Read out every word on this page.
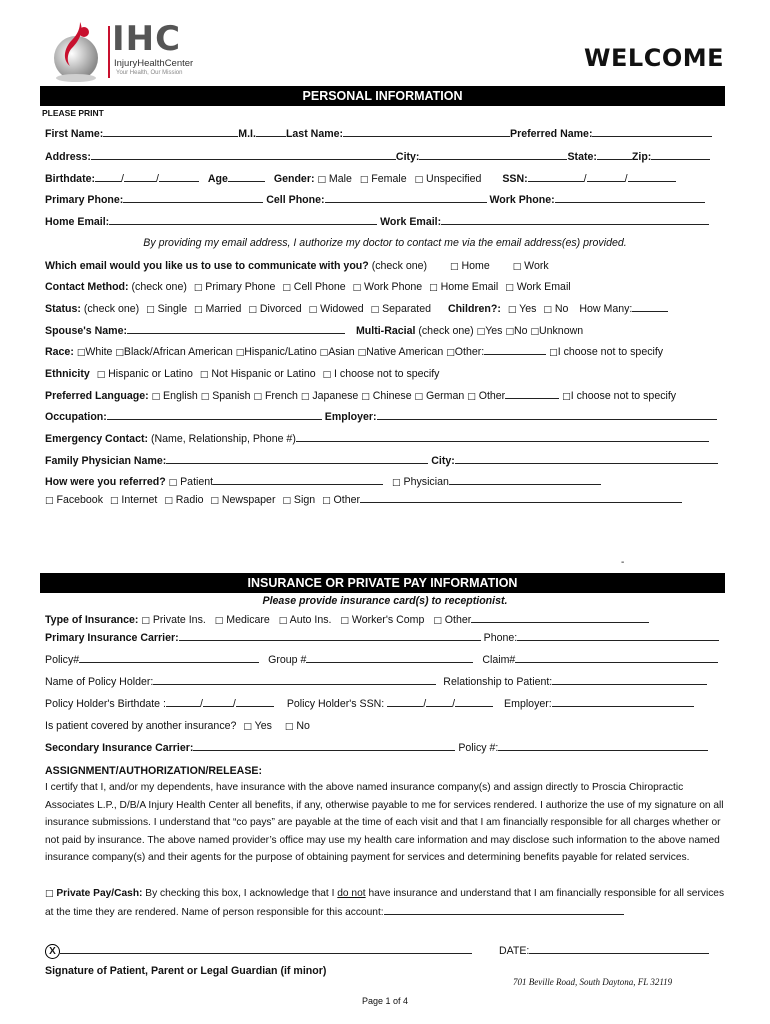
IHC
InjuryHealthCenter
Your Health, Our Mission
WELCOME
PERSONAL INFORMATION
PLEASE PRINT
First Name:	M.I.	Last Name:	Preferred Name:
Address:	City:	State:	Zip:
Birthdate: /	/	Age	Gender: □ Male □ Female □ Unspecified SSN:	/	/
Primary Phone:	Cell Phone:	Work Phone:
Home Email:	Work Email:
By providing my email address, I authorize my doctor to contact me via the email address(es) provided.
Which email would you like us to use to communicate with you? (check one)	□ Home	□ Work
Contact Method: (check one) □ Primary Phone □ Cell Phone □ Work Phone □ Home Email □ Work Email
Status: (check one) □ Single □ Married □ Divorced □ Widowed □ Separated Children?: □ Yes □ No How Many:
Spouse's Name:	Multi-Racial (check one) □Yes □No □Unknown
Race: □White □Black/African American □Hispanic/Latino □Asian □Native American □Other:	□I choose not to specify
Ethnicity □ Hispanic or Latino □ Not Hispanic or Latino □ I choose not to specify
Preferred Language: □ English □ Spanish □ French □ Japanese □ Chinese □ German □ Other	□I choose not to specify
Occupation:	Employer:
Emergency Contact: (Name, Relationship, Phone #)
Family Physician Name:	City:
How were you referred? □ Patient	□ Physician
□ Facebook □ Internet □ Radio □ Newspaper □ Sign □ Other
-
INSURANCE OR PRIVATE PAY INFORMATION
Please provide insurance card(s) to receptionist.
Type of Insurance: □ Private Ins. □ Medicare □ Auto Ins. □ Worker's Comp □ Other
Primary Insurance Carrier:	Phone:
Policy#	Group #	Claim#
Name of Policy Holder:	Relationship to Patient:
Policy Holder's Birthdate :	/	/	Policy Holder's SSN:	/ /	Employer:
Is patient covered by another insurance? □ Yes □ No
Secondary Insurance Carrier:	Policy #:
ASSIGNMENT/AUTHORIZATION/RELEASE:
I certify that I, and/or my dependents, have insurance with the above named insurance company(s) and assign directly to Proscia Chiropractic Associates L.P., D/B/A Injury Health Center all benefits, if any, otherwise payable to me for services rendered. I authorize the use of my signature on all insurance submissions. I understand that “co pays” are payable at the time of each visit and that I am financially responsible for all charges whether or not paid by insurance. The above named provider’s office may use my health care information and may disclose such information to the above named insurance company(s) and their agents for the purpose of obtaining payment for services and determining benefits payable for related services.
□ Private Pay/Cash: By checking this box, I acknowledge that I do not have insurance and understand that I am financially responsible for all services at the time they are rendered. Name of person responsible for this account:
X	DATE:
Signature of Patient, Parent or Legal Guardian (if minor)
701 Beville Road, South Daytona, FL 32119
Page 1 of 4
